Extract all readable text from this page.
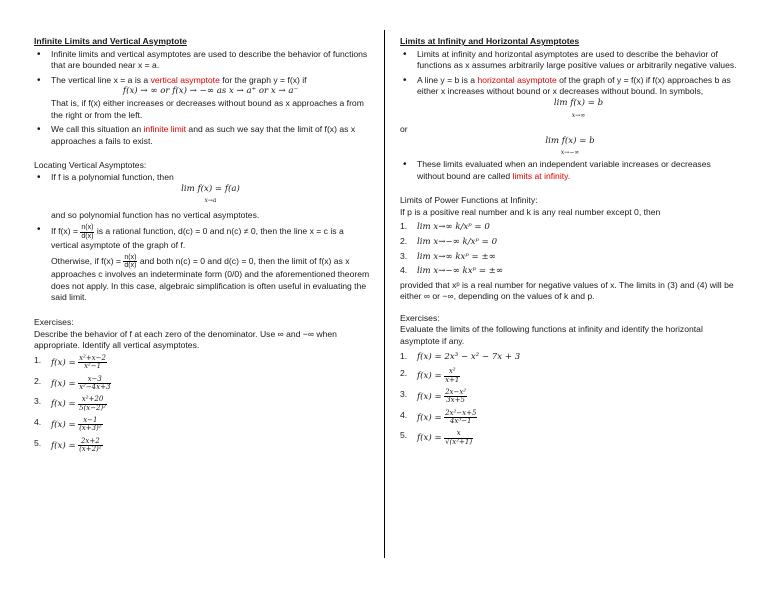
Infinite Limits and Vertical Asymptote
• Infinite limits and vertical asymptotes are used to describe the behavior of functions that are bounded near x = a.
• The vertical line x = a is a vertical asymptote for the graph y = f(x) if
f(x) → ∞ or f(x) → −∞ as x → a⁺ or x → a⁻
That is, if f(x) either increases or decreases without bound as x approaches a from the right or from the left.
• We call this situation an infinite limit and as such we say that the limit of f(x) as x approaches a fails to exist.

Locating Vertical Asymptotes:

• If f is a polynomial function, then
lim f(x) = f(a)
x→a

and so polynomial function has no vertical asymptotes.

• If $f(x) = \frac{n(x)}{d(x)}$ is a rational function, d(c) = 0 and n(c) ≠ 0, then the line x = c is a vertical asymptote of the graph of f.
Otherwise, if $f(x) = \frac{n(x)}{d(x)}$ and both n(c) = 0 and d(c) = 0, then the limit of f(x) as x approaches c involves an indeterminate form (0/0) and the aforementioned theorem does not apply. In this case, algebraic simplification is often useful in evaluating the said limit.

Exercises:

Describe the behavior of f at each zero of the denominator. Use ∞ and −∞ when appropriate. Identify all vertical asymptotes.

1. $f(x) = \frac{\text{x²+x−2}}{\text{x²−1}}$
2. $f(x) = \frac{x-3}{\text{x²−4x+3}}$
3. $f(x) = \frac{\text{x²+20}}{\text{5(x−2)²}}$
4. $f(x) = \frac{x-1}{\text{(x+3)²}}$
5. $f(x) = \frac{2x+2}{\text{(x+2)²}}$
Limits at Infinity and Horizontal Asymptotes
• Limits at infinity and horizontal asymptotes are used to describe the behavior of functions as x assumes arbitrarily large positive values or arbitrarily negative values.
• A line y = b is a horizontal asymptote of the graph of y = f(x) if f(x) approaches b as either x increases without bound or x decreases without bound. In symbols,
lim f(x) = b
x→∞

or

lim f(x) = b
x→−∞
• These limits evaluated when an independent variable increases or decreases without bound are called limits at infinity.

Limits of Power Functions at Infinity:

If p is a positive real number and k is any real number except 0, then

1. lim x→∞ k/xᵖ = 0
2. lim x→−∞ k/xᵖ = 0
3. lim x→∞ kxᵖ = ±∞
4. lim x→−∞ kxᵖ = ±∞

provided that xᵖ is a real number for negative values of x. The limits in (3) and (4) will be either ∞ or −∞, depending on the values of k and p.

Exercises:

Evaluate the limits of the following functions at infinity and identify the horizontal asymptote if any.

1. f(x) = 2x³ − x² − 7x + 3
2. $f(x) = \frac{\text{x²}}{x+1}$
3. $f(x) = \frac{\text{2x−x²}}{3x+5}$
4. $f(x) = \frac{\text{2x²−x+5}}{\text{4x³−1}}$
5. $f(x) = \frac{x}{\text{√(x²+1)}}$
